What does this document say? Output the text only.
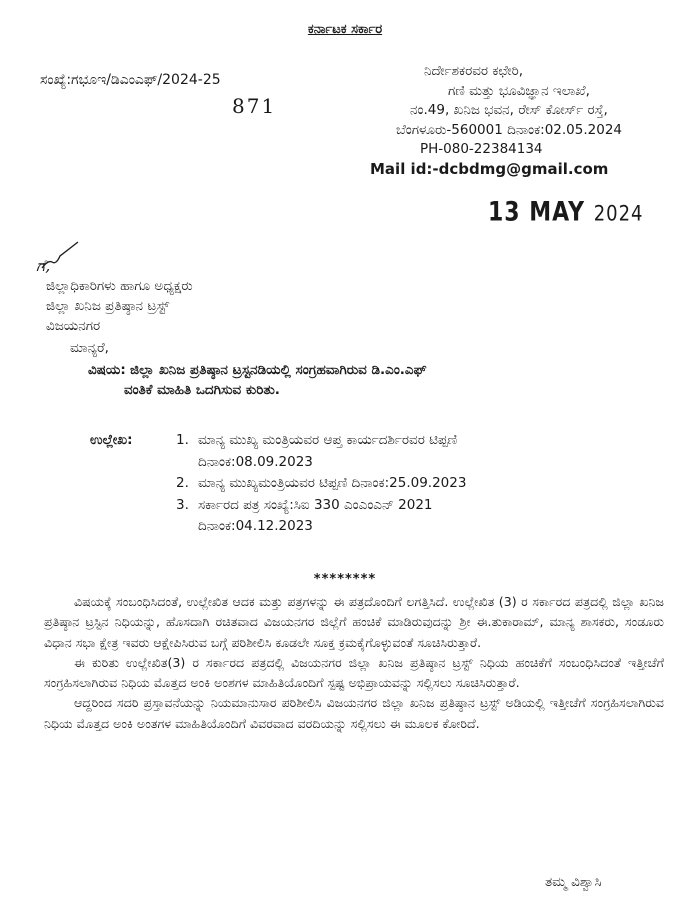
ಕರ್ನಾಟಕ ಸರ್ಕಾರ
ಸಂಖ್ಯೆ:ಗಭೂಇ/ಡಿಎಂಎಫ್/2024-25
871
ನಿರ್ದೇಶಕರವರ ಕಛೇರಿ,
ಗಣಿ ಮತ್ತು ಭೂವಿಜ್ಞಾನ ಇಲಾಖೆ,
ನಂ.49, ಖನಿಜ ಭವನ, ರೇಸ್ ಕೋರ್ಸ್ ರಸ್ತೆ,
ಬೆಂಗಳೂರು-560001 ದಿನಾಂಕ:02.05.2024
PH-080-22384134
Mail id:-dcbdmg@gmail.com
13 MAY 2024
ಗೆ,
ಜಿಲ್ಲಾಧಿಕಾರಿಗಳು ಹಾಗೂ ಅಧ್ಯಕ್ಷರು
ಜಿಲ್ಲಾ ಖನಿಜ ಪ್ರತಿಷ್ಠಾನ ಟ್ರಸ್ಟ್
ವಿಜಯನಗರ
ಮಾನ್ಯರೆ,
ವಿಷಯ: ಜಿಲ್ಲಾ ಖನಿಜ ಪ್ರತಿಷ್ಠಾನ ಟ್ರಸ್ಟನಡಿಯಲ್ಲಿ ಸಂಗ್ರಹವಾಗಿರುವ ಡಿ.ಎಂ.ಎಫ್
ವಂತಿಕೆ ಮಾಹಿತಿ ಒದಗಿಸುವ ಕುರಿತು.
ಉಲ್ಲೇಖ:	1. ಮಾನ್ಯ ಮುಖ್ಯ ಮಂತ್ರಿಯವರ ಆಪ್ತ ಕಾರ್ಯದರ್ಶಿರವರ ಟಿಪ್ಪಣಿ
ದಿನಾಂಕ:08.09.2023
2. ಮಾನ್ಯ ಮುಖ್ಯಮಂತ್ರಿಯವರ ಟಿಪ್ಪಣಿ ದಿನಾಂಕ:25.09.2023
3. ಸರ್ಕಾರದ ಪತ್ರ ಸಂಖ್ಯೆ:ಸಿಐ 330 ಎಂಎಂಎನ್ 2021
ದಿನಾಂಕ:04.12.2023
********

ವಿಷಯಕ್ಕೆ ಸಂಬಂಧಿಸಿದಂತೆ, ಉಲ್ಲೇಖಿತ ಆದಕ ಮತ್ತು ಪತ್ರಗಳನ್ನು ಈ ಪತ್ರದೊಂದಿಗೆ ಲಗತ್ತಿಸಿದೆ. ಉಲ್ಲೇಖಿತ (3) ರ ಸರ್ಕಾರದ ಪತ್ರದಲ್ಲಿ ಜಿಲ್ಲಾ ಖನಿಜ ಪ್ರತಿಷ್ಠಾನ ಟ್ರಸ್ಟಿನ ನಿಧಿಯನ್ನು, ಹೊಸದಾಗಿ ರಚಿತವಾದ ವಿಜಯನಗರ ಜಿಲ್ಲೆಗೆ ಹಂಚಿಕೆ ಮಾಡಿರುವುದನ್ನು ಶ್ರೀ ಈ.ತುಕಾರಾಮ್, ಮಾನ್ಯ ಶಾಸಕರು, ಸಂಡೂರು ವಿಧಾನ ಸಭಾ ಕ್ಷೇತ್ರ ಇವರು ಆಕ್ಷೇಪಿಸಿರುವ ಬಗ್ಗೆ ಪರಿಶೀಲಿಸಿ ಕೂಡಲೇ ಸೂಕ್ತ ಕ್ರಮಕೈಗೊಳ್ಳುವಂತೆ ಸೂಚಿಸಿರುತ್ತಾರೆ.

ಈ ಕುರಿತು ಉಲ್ಲೇಖಿತ(3) ರ ಸರ್ಕಾರದ ಪತ್ರದಲ್ಲಿ ವಿಜಯನಗರ ಜಿಲ್ಲಾ ಖನಿಜ ಪ್ರತಿಷ್ಠಾನ ಟ್ರಸ್ಟ್ ನಿಧಿಯ ಹಂಚಿಕೆಗೆ ಸಂಬಂಧಿಸಿದಂತೆ ಇತ್ತೀಚೆಗೆ ಸಂಗ್ರಹಿಸಲಾಗಿರುವ ನಿಧಿಯ ಮೊತ್ತದ ಅಂಕಿ ಅಂಶಗಳ ಮಾಹಿತಿಯೊಂದಿಗೆ ಸ್ಪಷ್ಟ ಅಭಿಪ್ರಾಯವನ್ನು ಸಲ್ಲಿಸಲು ಸೂಚಿಸಿರುತ್ತಾರೆ.

ಆದ್ದರಿಂದ ಸದರಿ ಪ್ರಸ್ತಾವನೆಯನ್ನು ನಿಯಮಾನುಸಾರ ಪರಿಶೀಲಿಸಿ ವಿಜಯನಗರ ಜಿಲ್ಲಾ ಖನಿಜ ಪ್ರತಿಷ್ಠಾನ ಟ್ರಸ್ಟ್ ಅಡಿಯಲ್ಲಿ ಇತ್ತೀಚೆಗೆ ಸಂಗ್ರಹಿಸಲಾಗಿರುವ ನಿಧಿಯ ಮೊತ್ತದ ಅಂಕಿ ಅಂತಗಳ ಮಾಹಿತಿಯೊಂದಿಗೆ ವಿವರವಾದ ವರದಿಯನ್ನು ಸಲ್ಲಿಸಲು ಈ ಮೂಲಕ ಕೋರಿದೆ.

ತಮ್ಮ ವಿಶ್ವಾಸಿ
